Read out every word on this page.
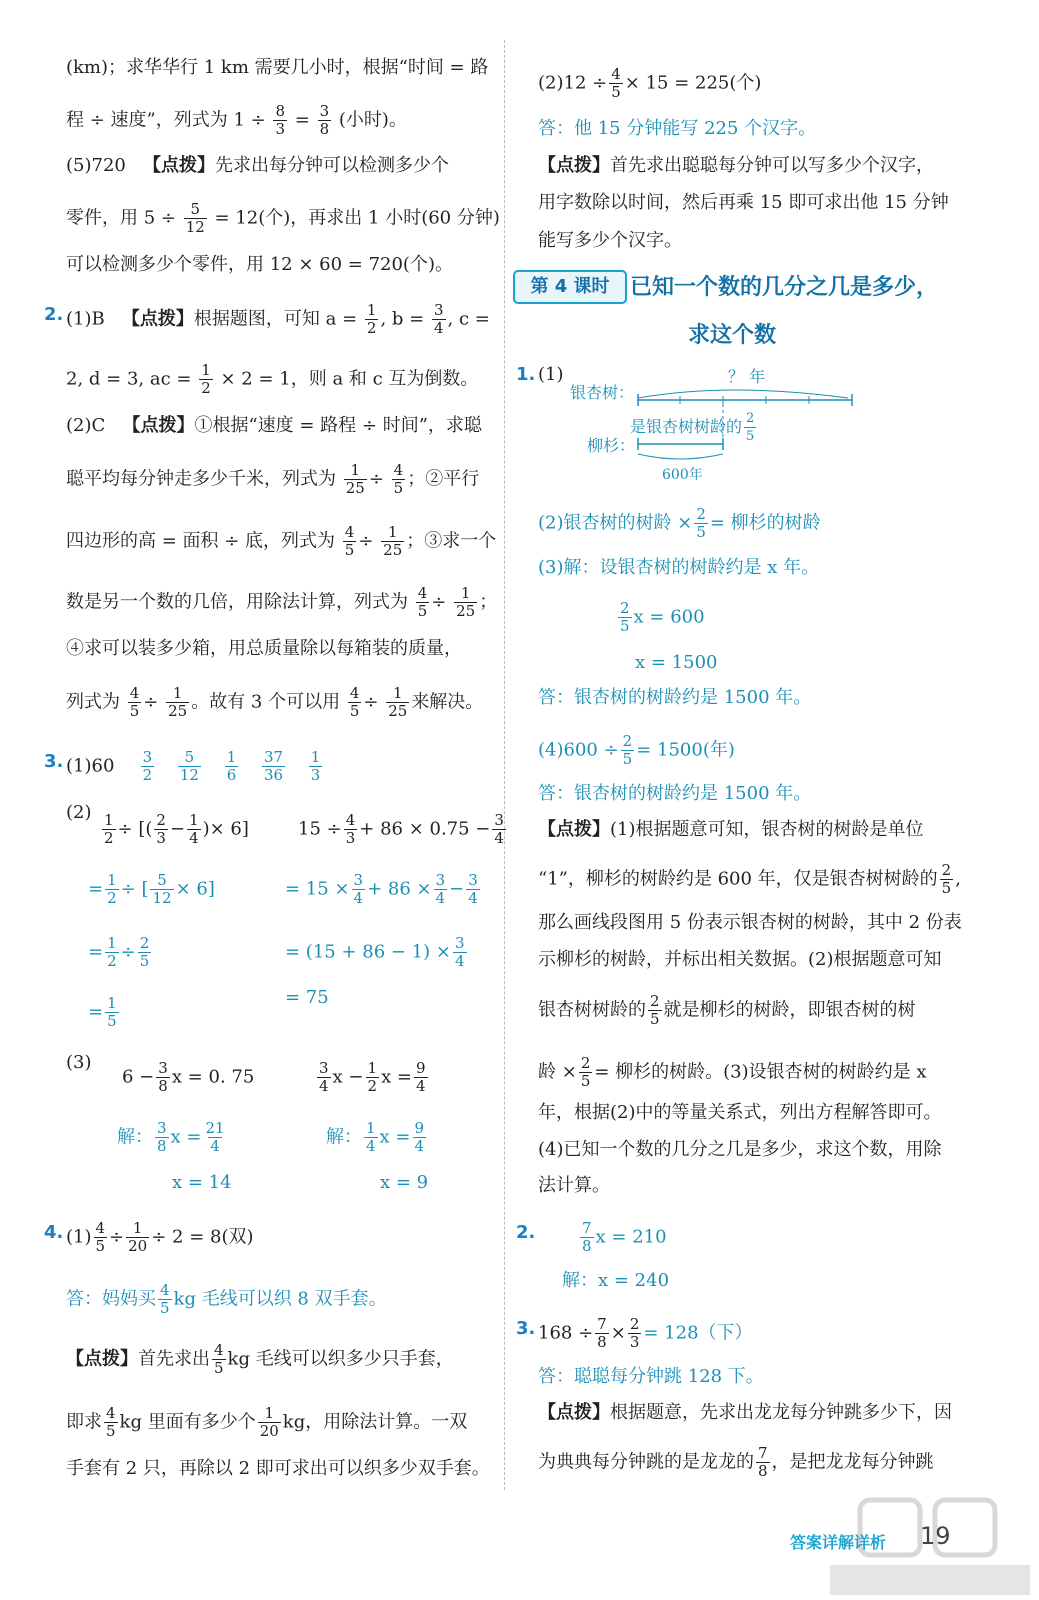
(km)；求华华行 1 km 需要几小时，根据“时间 = 路
程 ÷ 速度”，列式为 $1 \div \frac{8}{3} = \frac{3}{8}$ (小时)。
(5)720 【点拨】先求出每分钟可以检测多少个
零件，用 $5 \div \frac{5}{12} = 12$(个)，再求出 1 小时(60 分钟)
可以检测多少个零件，用 12 × 60 = 720(个)。
2. (1)B 【点拨】根据题图，可知 $a = \frac{1}{2}$ , $b = \frac{3}{4}$ , c =
2, d = 3, ac = $\frac{1}{2} \times 2 = 1$，则 a 和 c 互为倒数。
(2)C 【点拨】①根据“速度 = 路程 ÷ 时间”，求聪
聪平均每分钟走多少千米，列式为 $\frac{1}{25} \div \frac{4}{5}$ ；②平行
四边形的高 = 面积 ÷ 底，列式为 $\frac{4}{5} \div \frac{1}{25}$ ；③求一个
数是另一个数的几倍，用除法计算，列式为 $\frac{4}{5} \div \frac{1}{25}$ ；
④求可以装多少箱，用总质量除以每箱装的质量，
列式为 $\frac{4}{5} \div \frac{1}{25}$ 。故有 3 个可以用 $\frac{4}{5} \div \frac{1}{25}$ 来解决。
3. $(1)60 \frac{3}{2}$
$\frac{5}{12}$
$\frac{1}{6}$
$\frac{37}{36}$
$\frac{1}{3}$
$(2) \frac{1}{2}$ ÷ [( $\frac{2}{3} - \frac{1}{4}$ )× 6]
= $\frac{1}{2}$ ÷ [ $\frac{5}{12} \times 6$]
= $\frac{1}{2} \div \frac{2}{5}$
= $\frac{1}{5}$
$15 \div \frac{4}{3} + 86 \times 0.75 - \frac{3}{4}$
= $15 \times \frac{3}{4} + 86 \times \frac{3}{4} - \frac{3}{4}$
= $(15 + 86 - 1) \times \frac{3}{4}$
= 75
(3)
$6 - \frac{3}{8}$ x = 0. 75
解： $\frac{3}{8}$ $x = \frac{21}{4}$
x = 14
$\frac{3}{4}$ $x - \frac{1}{2}$ $x = \frac{9}{4}$
解： $\frac{1}{4}$ $x = \frac{9}{4}$
x = 9
4. $(1) \frac{4}{5} \div \frac{1}{20} \div 2 = 8$(双)
答：妈妈买 $\frac{4}{5}$ kg 毛线可以织 8 双手套。
【点拨】首先求出 $\frac{4}{5}$ kg 毛线可以织多少只手套，
即求 $\frac{4}{5}$ kg 里面有多少个 $\frac{1}{20}$ kg，用除法计算。一双
手套有 2 只，再除以 2 即可求出可以织多少双手套。
$(2)12 \div \frac{4}{5} \times 15 = 225$(个)
答：他 15 分钟能写 225 个汉字。
【点拨】首先求出聪聪每分钟可以写多少个汉字，
用字数除以时间，然后再乘 15 即可求出他 15 分钟
能写多少个汉字。
第 4 课时 已知一个数的几分之几是多少，
求这个数
1. (1)	？ 年
银杏树：
柳杉：
是银杏树树龄的 $\frac{2}{5}$
600年
(2)银杏树的树龄 × $\frac{2}{5}$ = 柳杉的树龄
(3)解：设银杏树的树龄约是 x 年。
$\frac{2}{5}$ x = 600
x = 1500
答：银杏树的树龄约是 1500 年。
$(4)600 \div \frac{2}{5} = 1500$(年)
答：银杏树的树龄约是 1500 年。
【点拨】(1)根据题意可知，银杏树的树龄是单位
“1”，柳杉的树龄约是 600 年，仅是银杏树树龄的 $\frac{2}{5}$ ,
那么画线段图用 5 份表示银杏树的树龄，其中 2 份表
示柳杉的树龄，并标出相关数据。(2)根据题意可知
银杏树树龄的 $\frac{2}{5}$ 就是柳杉的树龄，即银杏树的树
龄 × $\frac{2}{5}$ = 柳杉的树龄。(3)设银杏树的树龄约是 x
年，根据(2)中的等量关系式，列出方程解答即可。
(4)已知一个数的几分之几是多少，求这个数，用除
法计算。
2.	$\frac{7}{8}$ x = 210
解：x = 240
3. $168 \div \frac{7}{8} \times \frac{2}{3} = 128$（下）
答：聪聪每分钟跳 128 下。
【点拨】根据题意，先求出龙龙每分钟跳多少下，因
为典典每分钟跳的是龙龙的 $\frac{7}{8}$ ，是把龙龙每分钟跳
答案详解详析 19
